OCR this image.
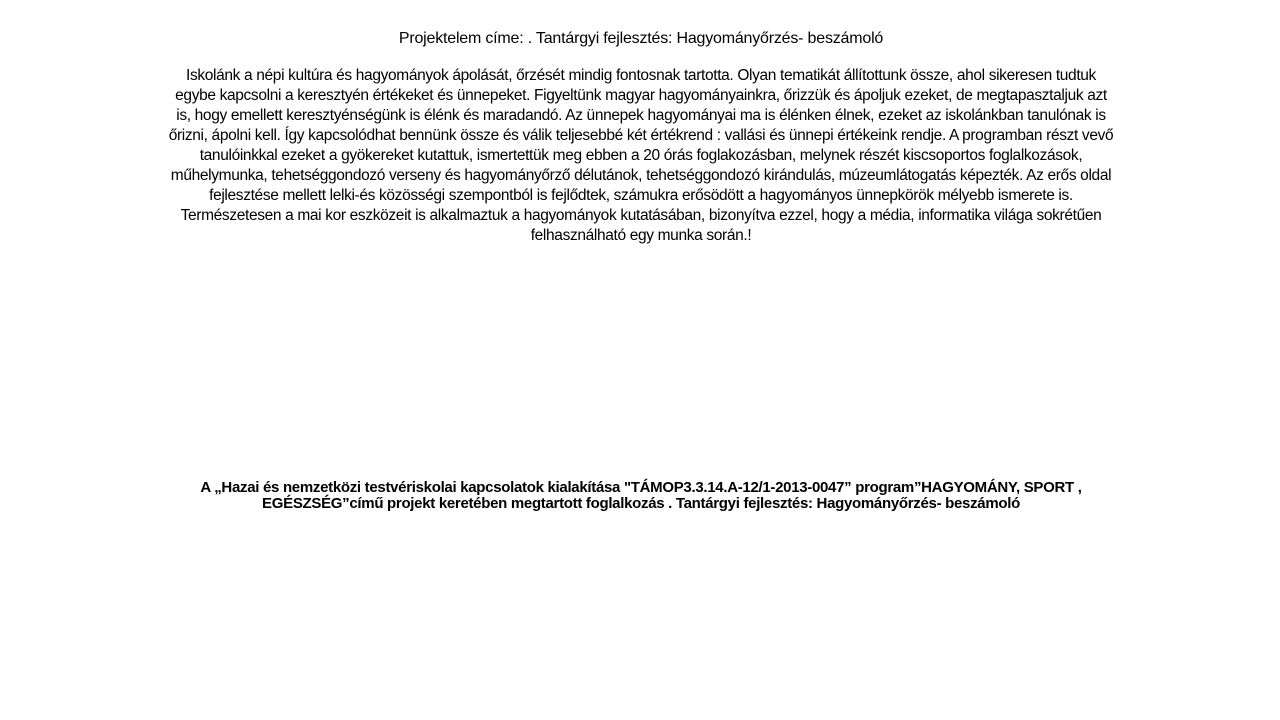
Projektelem címe: . Tantárgyi fejlesztés: Hagyományőrzés- beszámoló

Iskolánk a népi kultúra és hagyományok ápolását, őrzését mindig fontosnak tartotta. Olyan tematikát állítottunk össze, ahol sikeresen tudtuk egybe kapcsolni a keresztyén értékeket és ünnepeket. Figyeltünk magyar hagyományainkra, őrizzük és ápoljuk ezeket, de megtapasztaljuk azt is, hogy emellett keresztyénségünk is élénk és maradandó. Az ünnepek hagyományai ma is élénken élnek, ezeket az iskolánkban tanulónak is őrizni, ápolni kell. Így kapcsolódhat bennünk össze és válik teljesebbé két értékrend : vallási és ünnepi értékeink rendje. A programban részt vevő tanulóinkkal ezeket a gyökereket kutattuk, ismertettük meg ebben a 20 órás foglakozásban, melynek részét kiscsoportos foglalkozások, műhelymunka, tehetséggondozó verseny és hagyományőrző délutánok, tehetséggondozó kirándulás, múzeumlátogatás képezték. Az erős oldal fejlesztése mellett lelki-és közösségi szempontból is fejlődtek, számukra erősödött a hagyományos ünnepkörök mélyebb ismerete is. Természetesen a mai kor eszközeit is alkalmaztuk a hagyományok kutatásában, bizonyítva ezzel, hogy a média, informatika világa sokrétűen felhasználható egy munka során.!

A „Hazai és nemzetközi testvériskolai kapcsolatok kialakítása "TÁMOP3.3.14.A-12/1-2013-0047” program”HAGYOMÁNY, SPORT , EGÉSZSÉG”című projekt keretében megtartott foglalkozás . Tantárgyi fejlesztés: Hagyományőrzés- beszámoló
